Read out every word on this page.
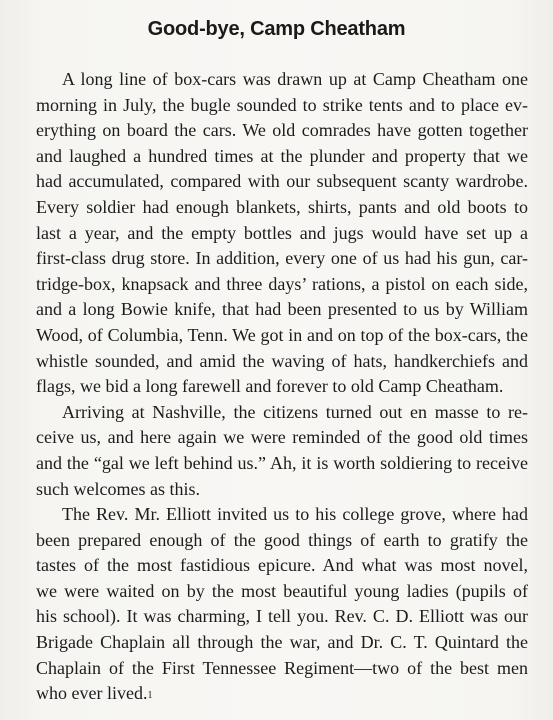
Good-bye, Camp Cheatham
A long line of box-cars was drawn up at Camp Cheatham one
morning in July, the bugle sounded to strike tents and to place ev-
erything on board the cars. We old comrades have gotten together
and laughed a hundred times at the plunder and property that we
had accumulated, compared with our subsequent scanty wardrobe.
Every soldier had enough blankets, shirts, pants and old boots to
last a year, and the empty bottles and jugs would have set up a
first-class drug store. In addition, every one of us had his gun, car-
tridge-box, knapsack and three days’ rations, a pistol on each side,
and a long Bowie knife, that had been presented to us by William
Wood, of Columbia, Tenn. We got in and on top of the box-cars, the
whistle sounded, and amid the waving of hats, handkerchiefs and
flags, we bid a long farewell and forever to old Camp Cheatham.
Arriving at Nashville, the citizens turned out en masse to re-
ceive us, and here again we were reminded of the good old times
and the “gal we left behind us.” Ah, it is worth soldiering to receive
such welcomes as this.
The Rev. Mr. Elliott invited us to his college grove, where had
been prepared enough of the good things of earth to gratify the
tastes of the most fastidious epicure. And what was most novel,
we were waited on by the most beautiful young ladies (pupils of
his school). It was charming, I tell you. Rev. C. D. Elliott was our
Brigade Chaplain all through the war, and Dr. C. T. Quintard the
Chaplain of the First Tennessee Regiment—two of the best men
who ever lived.$^1$
